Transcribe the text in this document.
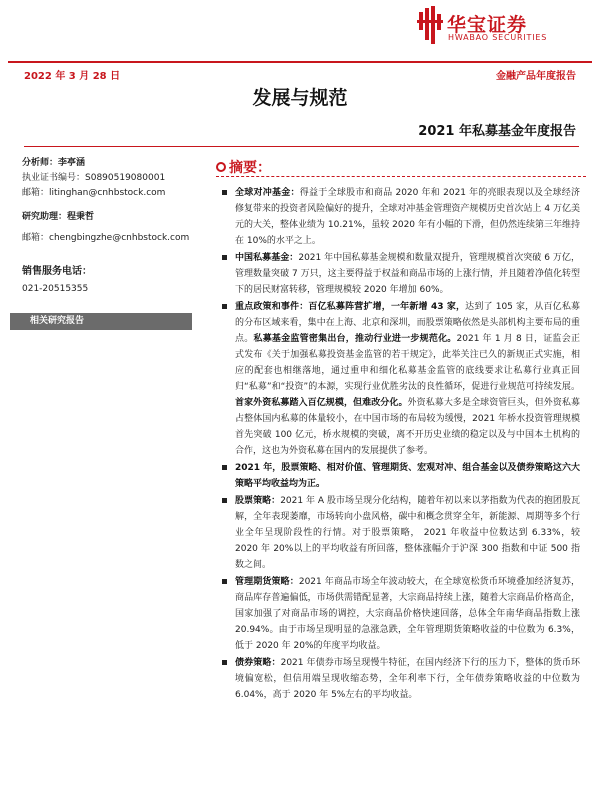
华宝证券
HWABAO SECURITIES
2022 年 3 月 28 日	金融产品年度报告
发展与规范
2021 年私募基金年度报告
分析师：李亭涵
执业证书编号：S0890519080001
邮箱：litinghan@cnhbstock.com
研究助理：程秉哲
邮箱：chengbingzhe@cnhbstock.com
销售服务电话：
021-20515355
相关研究报告
摘要：
全球对冲基金：得益于全球股市和商品 2020 年和 2021 年的亮眼表现以及全球经济修复带来的投资者风险偏好的提升，全球对冲基金管理资产规模历史首次站上 4 万亿美元的大关，整体业绩为 10.21%，虽较 2020 年有小幅的下滑，但仍然连续第三年维持在 10%的水平之上。
中国私募基金：2021 年中国私募基金规模和数量双提升，管理规模首次突破 6 万亿，管理数量突破 7 万只，这主要得益于权益和商品市场的上涨行情，并且随着净值化转型下的居民财富转移，管理规模较 2020 年增加 60%。
重点政策和事件：百亿私募阵营扩增，一年新增 43 家，达到了 105 家，从百亿私募的分布区域来看，集中在上海、北京和深圳，而股票策略依然是头部机构主要布局的重点。私募基金监管密集出台，推动行业进一步规范化。2021 年 1 月 8 日，证监会正式发布《关于加强私募投资基金监管的若干规定》，此举关注已久的新规正式实施，相应的配套也相继落地，通过重申和细化私募基金监管的底线要求让私募行业真正回归“私募”和“投资”的本源，实现行业优胜劣汰的良性循环，促进行业规范可持续发展。首家外资私募踏入百亿规模，但难改分化。外资私募大多是全球资管巨头，但外资私募占整体国内私募的体量较小，在中国市场的布局较为缓慢，2021 年桥水投资管理规模首先突破 100 亿元，桥水规模的突破，离不开历史业绩的稳定以及与中国本土机构的合作，这也为外资私募在国内的发展提供了参考。
2021 年，股票策略、相对价值、管理期货、宏观对冲、组合基金以及债券策略这六大策略平均收益均为正。
股票策略：2021 年 A 股市场呈现分化结构，随着年初以来以茅指数为代表的抱团股瓦解，全年表现萎靡，市场转向小盘风格，碳中和概念贯穿全年，新能源、周期等多个行业全年呈现阶段性的行情。对于股票策略， 2021 年收益中位数达到 6.33%，较 2020 年 20%以上的平均收益有所回落，整体涨幅介于沪深 300 指数和中证 500 指数之间。
管理期货策略：2021 年商品市场全年波动较大，在全球宽松货币环境叠加经济复苏，商品库存普遍偏低，市场供需错配显著，大宗商品持续上涨，随着大宗商品价格高企，国家加强了对商品市场的调控，大宗商品价格快速回落，总体全年南华商品指数上涨 20.94%。由于市场呈现明显的急涨急跌，全年管理期货策略收益的中位数为 6.3%，低于 2020 年 20%的年度平均收益。
债券策略：2021 年债券市场呈现慢牛特征，在国内经济下行的压力下，整体的货币环境偏宽松，但信用端呈现收缩态势，全年利率下行，全年债券策略收益的中位数为 6.04%，高于 2020 年 5%左右的平均收益。
